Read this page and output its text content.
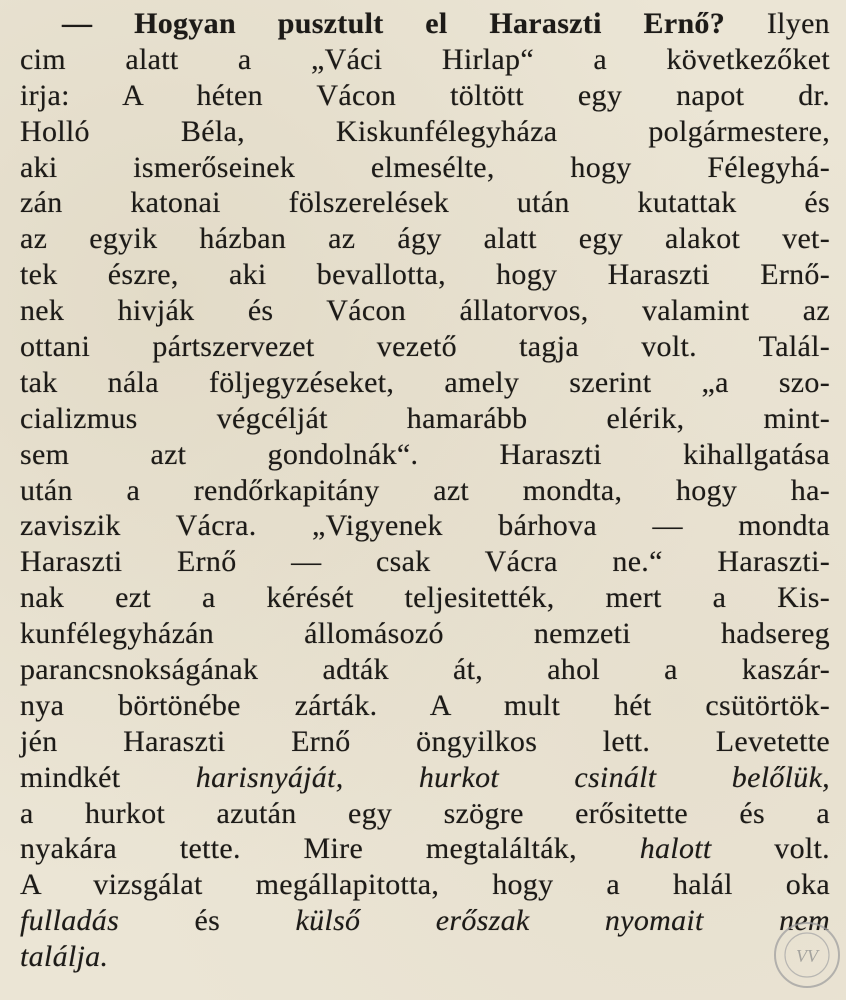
— Hogyan pusztult el Haraszti Ernő? Ilyen
cim alatt a „Váci Hirlap“ a következőket
irja: A héten Vácon töltött egy napot dr.
Holló Béla, Kiskunfélegyháza polgármestere,
aki ismerőseinek elmesélte, hogy Félegyhá-
zán katonai fölszerelések után kutattak és
az egyik házban az ágy alatt egy alakot vet-
tek észre, aki bevallotta, hogy Haraszti Ernő-
nek hivják és Vácon állatorvos, valamint az
ottani pártszervezet vezető tagja volt. Talál-
tak nála följegyzéseket, amely szerint „a szo-
cializmus végcélját hamarább elérik, mint-
sem azt gondolnák“. Haraszti kihallgatása
után a rendőrkapitány azt mondta, hogy ha-
zaviszik Vácra. „Vigyenek bárhova — mondta
Haraszti Ernő — csak Vácra ne.“ Haraszti-
nak ezt a kérését teljesitették, mert a Kis-
kunfélegyházán állomásozó nemzeti hadsereg
parancsnokságának adták át, ahol a kaszár-
nya börtönébe zárták. A mult hét csütörtök-
jén Haraszti Ernő öngyilkos lett. Levetette
mindkét harisnyáját, hurkot csinált belőlük,
a hurkot azután egy szögre erősitette és a
nyakára tette. Mire megtalálták, halott volt.
A vizsgálat megállapitotta, hogy a halál oka
fulladás és külső erőszak nyomait nem
találja.	VV
